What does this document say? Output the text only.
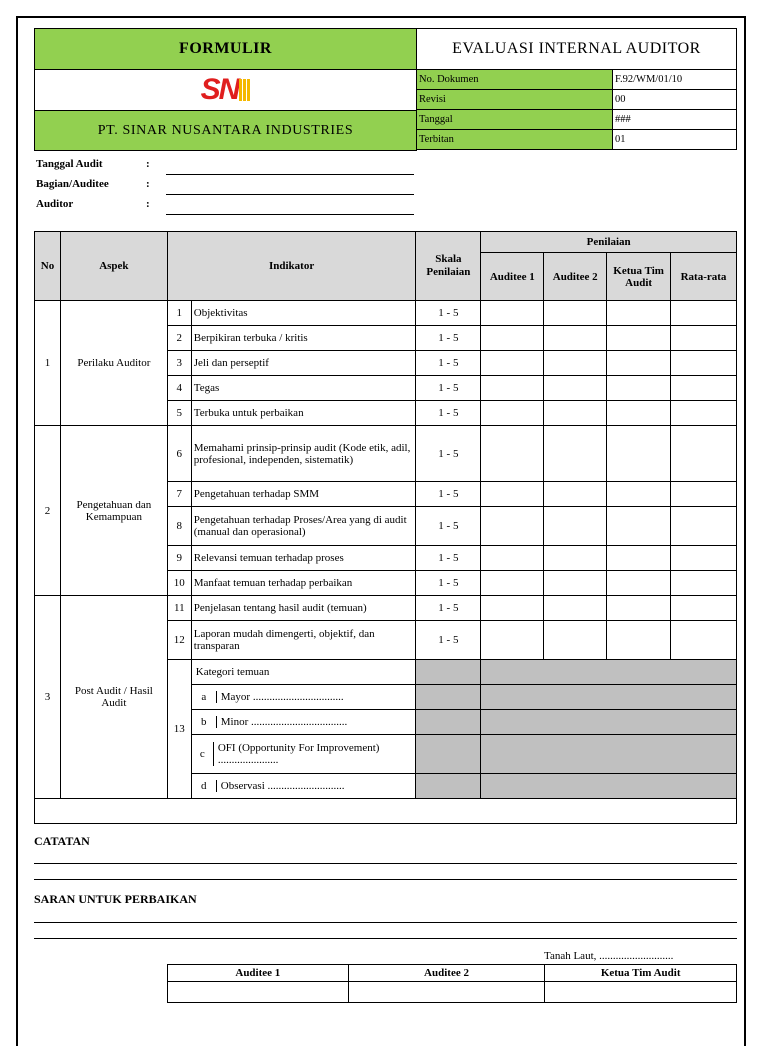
FORMULIR	EVALUASI INTERNAL AUDITOR
SN
PT. SINAR NUSANTARA INDUSTRIES
No. Dokumen	F.92/WM/01/10
Revisi	00
Tanggal	###
Terbitan	01
Tanggal Audit	:
Bagian/Auditee	:
Auditor	:
No	Aspek	Indikator		Skala Penilaian	Penilaian			
					Auditee 1	Auditee 2	Ketua Tim Audit	Rata-rata
1	Perilaku Auditor	1	Objektivitas	1 - 5				
		2	Berpikiran terbuka / kritis	1 - 5				
		3	Jeli dan perseptif	1 - 5				
		4	Tegas	1 - 5				
		5	Terbuka untuk perbaikan	1 - 5				
2	Pengetahuan dan Kemampuan	6	Memahami prinsip-prinsip audit (Kode etik, adil, profesional, independen, sistematik)	1 - 5				
		7	Pengetahuan terhadap SMM	1 - 5				
		8	Pengetahuan terhadap Proses/Area yang di audit (manual dan operasional)	1 - 5				
		9	Relevansi temuan terhadap proses	1 - 5				
		10	Manfaat temuan terhadap perbaikan	1 - 5				
3	Post Audit / Hasil Audit	11	Penjelasan tentang hasil audit (temuan)	1 - 5				
		12	Laporan mudah dimengerti, objektif, dan transparan	1 - 5				
		13	Kategori temuan					

a Mayor .................................					

b Minor ...................................					

c OFI (Opportunity For Improvement) ......................					

d Observasi ............................					

CATATAN
SARAN UNTUK PERBAIKAN
Tanah Laut, ...........................
Auditee 1	Auditee 2	Ketua Tim Audit
